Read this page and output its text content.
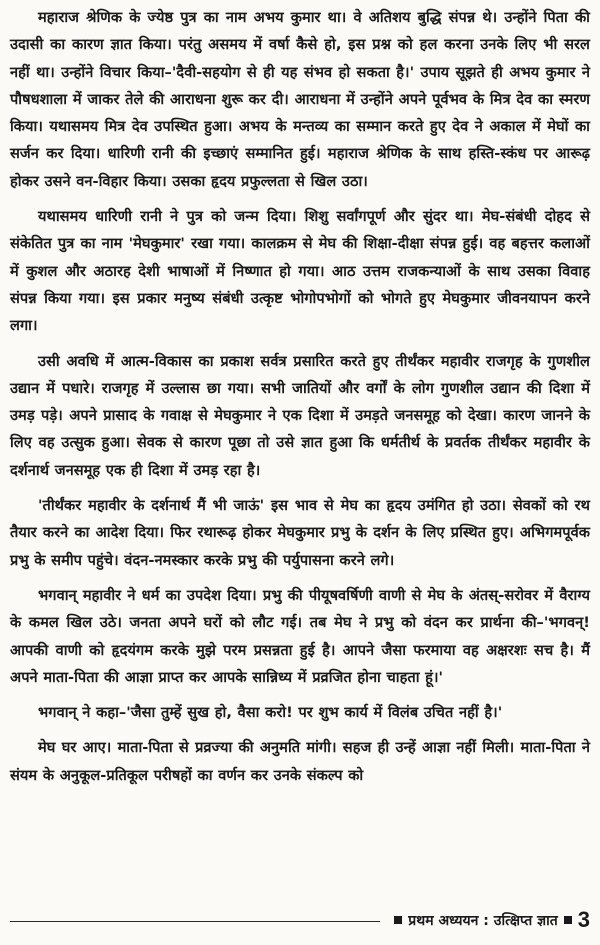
महाराज श्रेणिक के ज्येष्ठ पुत्र का नाम अभय कुमार था। वे अतिशय बुद्धि संपन्न थे। उन्होंने पिता की उदासी का कारण ज्ञात किया। परंतु असमय में वर्षा कैसे हो, इस प्रश्न को हल करना उनके लिए भी सरल नहीं था। उन्होंने विचार किया–'दैवी-सहयोग से ही यह संभव हो सकता है।' उपाय सूझते ही अभय कुमार ने पौषधशाला में जाकर तेले की आराधना शुरू कर दी। आराधना में उन्होंने अपने पूर्वभव के मित्र देव का स्मरण किया। यथासमय मित्र देव उपस्थित हुआ। अभय के मन्तव्य का सम्मान करते हुए देव ने अकाल में मेघों का सर्जन कर दिया। धारिणी रानी की इच्छाएं सम्मानित हुई। महाराज श्रेणिक के साथ हस्ति-स्कंध पर आरूढ़ होकर उसने वन-विहार किया। उसका हृदय प्रफुल्लता से खिल उठा।

यथासमय धारिणी रानी ने पुत्र को जन्म दिया। शिशु सर्वांगपूर्ण और सुंदर था। मेघ-संबंधी दोहद से संकेतित पुत्र का नाम 'मेघकुमार' रखा गया। कालक्रम से मेघ की शिक्षा-दीक्षा संपन्न हुई। वह बहत्तर कलाओं में कुशल और अठारह देशी भाषाओं में निष्णात हो गया। आठ उत्तम राजकन्याओं के साथ उसका विवाह संपन्न किया गया। इस प्रकार मनुष्य संबंधी उत्कृष्ट भोगोपभोगों को भोगते हुए मेघकुमार जीवनयापन करने लगा।

उसी अवधि में आत्म-विकास का प्रकाश सर्वत्र प्रसारित करते हुए तीर्थंकर महावीर राजगृह के गुणशील उद्यान में पधारे। राजगृह में उल्लास छा गया। सभी जातियों और वर्गों के लोग गुणशील उद्यान की दिशा में उमड़ पड़े। अपने प्रासाद के गवाक्ष से मेघकुमार ने एक दिशा में उमड़ते जनसमूह को देखा। कारण जानने के लिए वह उत्सुक हुआ। सेवक से कारण पूछा तो उसे ज्ञात हुआ कि धर्मतीर्थ के प्रवर्तक तीर्थंकर महावीर के दर्शनार्थ जनसमूह एक ही दिशा में उमड़ रहा है।

'तीर्थंकर महावीर के दर्शनार्थ मैं भी जाऊं' इस भाव से मेघ का हृदय उमंगित हो उठा। सेवकों को रथ तैयार करने का आदेश दिया। फिर रथारूढ़ होकर मेघकुमार प्रभु के दर्शन के लिए प्रस्थित हुए। अभिगमपूर्वक प्रभु के समीप पहुंचे। वंदन-नमस्कार करके प्रभु की पर्युपासना करने लगे।

भगवान् महावीर ने धर्म का उपदेश दिया। प्रभु की पीयूषवर्षिणी वाणी से मेघ के अंतस्-सरोवर में वैराग्य के कमल खिल उठे। जनता अपने घरों को लौट गई। तब मेघ ने प्रभु को वंदन कर प्रार्थना की–'भगवन्! आपकी वाणी को हृदयंगम करके मुझे परम प्रसन्नता हुई है। आपने जैसा फरमाया वह अक्षरशः सच है। मैं अपने माता-पिता की आज्ञा प्राप्त कर आपके सान्निध्य में प्रव्रजित होना चाहता हूं।'

भगवान् ने कहा–'जैसा तुम्हें सुख हो, वैसा करो! पर शुभ कार्य में विलंब उचित नहीं है।'

मेघ घर आए। माता-पिता से प्रव्रज्या की अनुमति मांगी। सहज ही उन्हें आज्ञा नहीं मिली। माता-पिता ने संयम के अनुकूल-प्रतिकूल परीषहों का वर्णन कर उनके संकल्प को

प्रथम अध्ययन : उत्क्षिप्त ज्ञात 3
